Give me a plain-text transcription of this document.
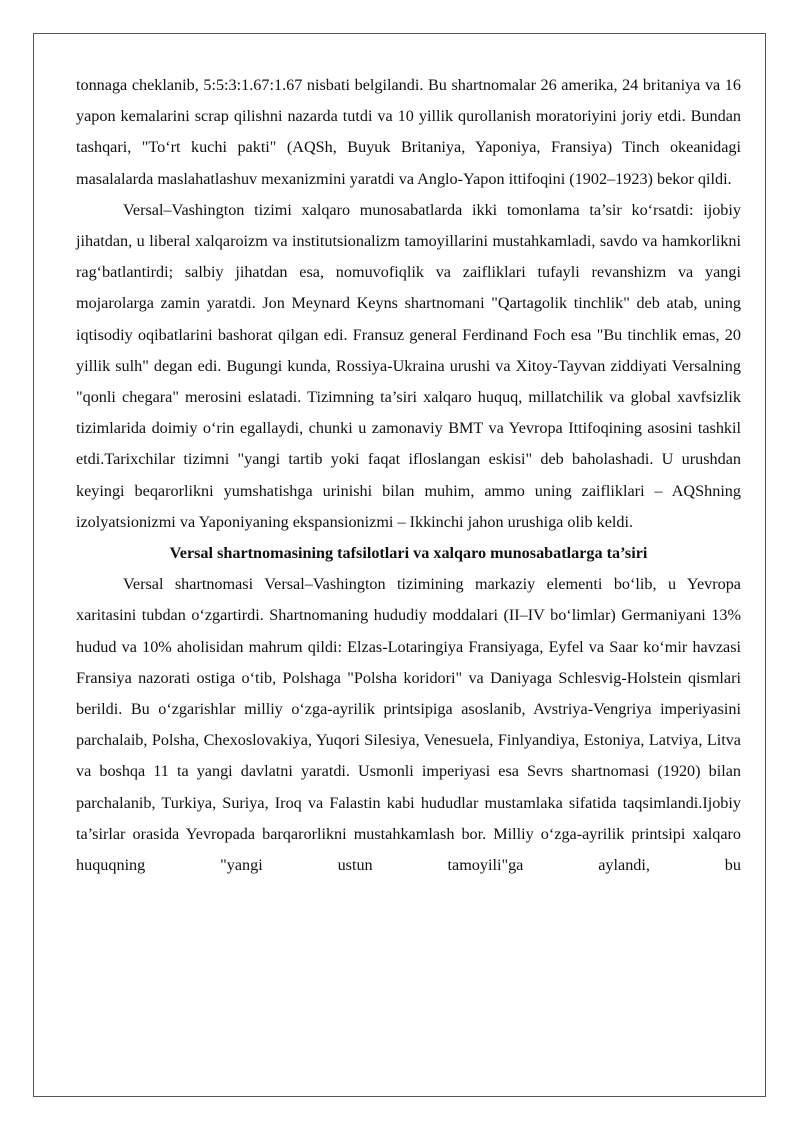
tonnaga cheklanib, 5:5:3:1.67:1.67 nisbati belgilandi. Bu shartnomalar 26 amerika, 24 britaniya va 16 yapon kemalarini scrap qilishni nazarda tutdi va 10 yillik qurollanish moratoriyini joriy etdi. Bundan tashqari, "To‘rt kuchi pakti" (AQSh, Buyuk Britaniya, Yaponiya, Fransiya) Tinch okeanidagi masalalarda maslahatlashuv mexanizmini yaratdi va Anglo-Yapon ittifoqini (1902–1923) bekor qildi.

Versal–Vashington tizimi xalqaro munosabatlarda ikki tomonlama ta’sir ko‘rsatdi: ijobiy jihatdan, u liberal xalqaroizm va institutsionalizm tamoyillarini mustahkamladi, savdo va hamkorlikni rag‘batlantirdi; salbiy jihatdan esa, nomuvofiqlik va zaifliklari tufayli revanshizm va yangi mojarolarga zamin yaratdi. Jon Meynard Keyns shartnomani "Qartagolik tinchlik" deb atab, uning iqtisodiy oqibatlarini bashorat qilgan edi. Fransuz general Ferdinand Foch esa "Bu tinchlik emas, 20 yillik sulh" degan edi. Bugungi kunda, Rossiya-Ukraina urushi va Xitoy-Tayvan ziddiyati Versalning "qonli chegara" merosini eslatadi. Tizimning ta’siri xalqaro huquq, millatchilik va global xavfsizlik tizimlarida doimiy o‘rin egallaydi, chunki u zamonaviy BMT va Yevropa Ittifoqining asosini tashkil etdi.Tarixchilar tizimni "yangi tartib yoki faqat ifloslangan eskisi" deb baholashadi. U urushdan keyingi beqarorlikni yumshatishga urinishi bilan muhim, ammo uning zaifliklari – AQShning izolyatsionizmi va Yaponiyaning ekspansionizmi – Ikkinchi jahon urushiga olib keldi.

Versal shartnomasining tafsilotlari va xalqaro munosabatlarga ta’siri

Versal shartnomasi Versal–Vashington tizimining markaziy elementi bo‘lib, u Yevropa xaritasini tubdan o‘zgartirdi. Shartnomaning hududiy moddalari (II–IV bo‘limlar) Germaniyani 13% hudud va 10% aholisidan mahrum qildi: Elzas-Lotaringiya Fransiyaga, Eyfel va Saar ko‘mir havzasi Fransiya nazorati ostiga o‘tib, Polshaga "Polsha koridori" va Daniyaga Schlesvig-Holstein qismlari berildi. Bu o‘zgarishlar milliy o‘zga-ayrilik printsipiga asoslanib, Avstriya-Vengriya imperiyasini parchalaib, Polsha, Chexoslovakiya, Yuqori Silesiya, Venesuela, Finlyandiya, Estoniya, Latviya, Litva va boshqa 11 ta yangi davlatni yaratdi. Usmonli imperiyasi esa Sevrs shartnomasi (1920) bilan parchalanib, Turkiya, Suriya, Iroq va Falastin kabi hududlar mustamlaka sifatida taqsimlandi.Ijobiy ta’sirlar orasida Yevropada barqarorlikni mustahkamlash bor. Milliy o‘zga-ayrilik printsipi xalqaro huquqning "yangi ustun tamoyili"ga aylandi, bu
